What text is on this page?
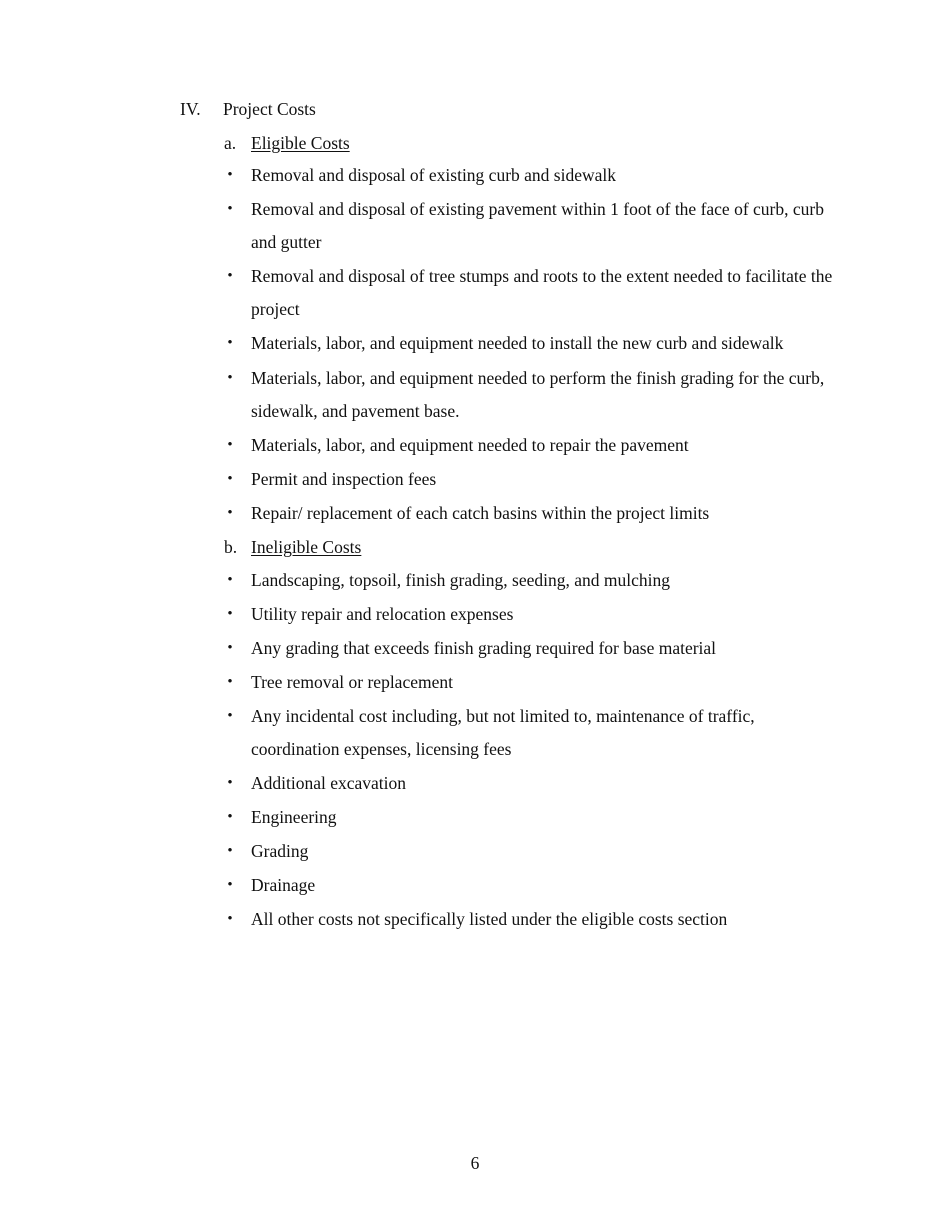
IV. Project Costs
a. Eligible Costs
• Removal and disposal of existing curb and sidewalk
• Removal and disposal of existing pavement within 1 foot of the face of curb, curb and gutter
• Removal and disposal of tree stumps and roots to the extent needed to facilitate the project
• Materials, labor, and equipment needed to install the new curb and sidewalk
• Materials, labor, and equipment needed to perform the finish grading for the curb, sidewalk, and pavement base.
• Materials, labor, and equipment needed to repair the pavement
• Permit and inspection fees
• Repair/ replacement of each catch basins within the project limits
b. Ineligible Costs
• Landscaping, topsoil, finish grading, seeding, and mulching
• Utility repair and relocation expenses
• Any grading that exceeds finish grading required for base material
• Tree removal or replacement
• Any incidental cost including, but not limited to, maintenance of traffic, coordination expenses, licensing fees
• Additional excavation
• Engineering
• Grading
• Drainage
• All other costs not specifically listed under the eligible costs section
6
